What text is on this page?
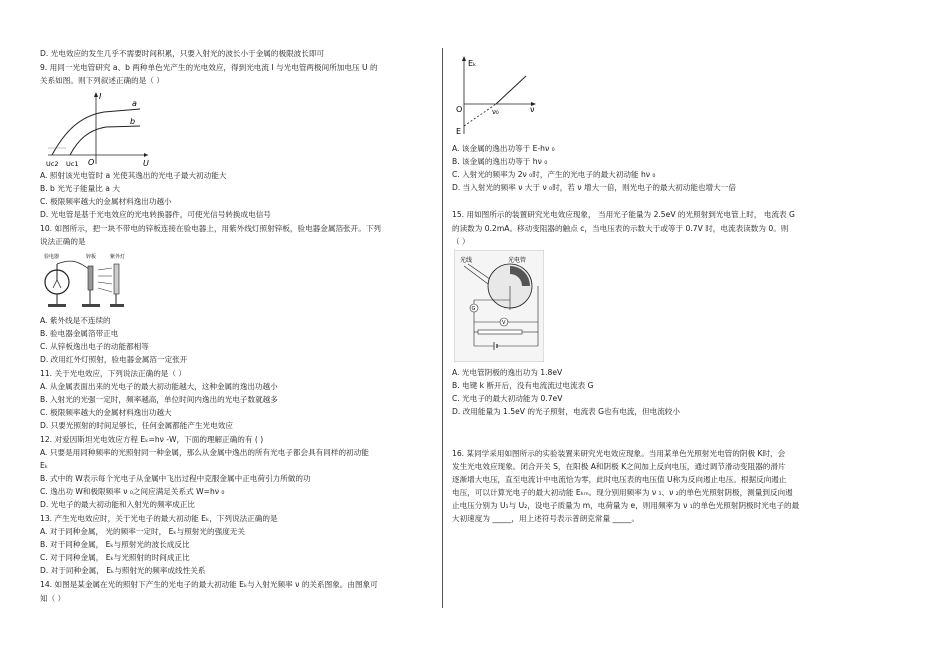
D. 光电效应的发生几乎不需要时间积累，只要入射光的波长小于金属的极限波长即可
9. 用同一光电管研究 a、b 两种单色光产生的光电效应，得到光电流 I 与光电管两极间所加电压 U 的
关系如图。则下列叙述正确的是（ ）
a
b
I
U
O
Uc2 Uc1
A. 照射该光电管时 a 光使其逸出的光电子最大初动能大
B. b 光光子能量比 a 大
C. 极限频率越大的金属材料逸出功越小
D. 光电管是基于光电效应的光电转换器件，可使光信号转换成电信号
10. 如图所示，把一块不带电的锌板连接在验电器上，用紫外线灯照射锌板，验电器金属箔张开。下列
说法正确的是
验电器	锌板	紫外灯
A. 紫外线是不连续的
B. 验电器金属箔带正电
C. 从锌板逸出电子的动能都相等
D. 改用红外灯照射，验电器金属箔一定张开
11. 关于光电效应，下列说法正确的是（ ）
A. 从金属表面出来的光电子的最大初动能越大，这种金属的逸出功越小
B. 入射光的光强一定时，频率越高，单位时间内逸出的光电子数就越多
C. 极限频率越大的金属材料逸出功越大
D. 只要光照射的时间足够长，任何金属都能产生光电效应
12. 对爱因斯坦光电效应方程 Eₖ=hν -W，下面的理解正确的有 ( )
A. 只要是用同种频率的光照射同一种金属，那么从金属中逸出的所有光电子都会具有同样的初动能
Eₖ
B. 式中的 W表示每个光电子从金属中飞出过程中克服金属中正电荷引力所做的功
C. 逸出功 W和极限频率 ν ₀之间应满足关系式 W=hν ₀
D. 光电子的最大初动能和入射光的频率成正比
13. 产生光电效应时，关于光电子的最大初动能 Eₖ，下列说法正确的是
A. 对于同种金属， 光的频率一定时， Eₖ与照射光的强度无关
B. 对于同种金属， Eₖ与照射光的波长成反比
C. 对于同种金属， Eₖ与光照射的时间成正比
D. 对于同种金属， Eₖ与照射光的频率成线性关系
14. 如图是某金属在光的照射下产生的光电子的最大初动能 Eₖ与入射光频率 ν 的关系图象。由图象可
知（ ）
Eₖ
O	ν₀	ν
E
A. 该金属的逸出功等于 E-hν ₀
B. 该金属的逸出功等于 hν ₀
C. 入射光的频率为 2ν ₀时，产生的光电子的最大初动能 hν ₀
D. 当入射光的频率 ν 大于 ν ₀时，若 ν 增大一倍，则光电子的最大初动能也增大一倍
15. 用如图所示的装置研究光电效应现象， 当用光子能量为 2.5eV 的光照射到光电管上时， 电流表 G
的读数为 0.2mA。移动变阻器的触点 c，当电压表的示数大于或等于 0.7V 时，电流表读数为 0。则
（ ）
光线	光电管
G
V
A. 光电管阴极的逸出功为 1.8eV
B. 电键 k 断开后，没有电流流过电流表 G
C. 光电子的最大初动能为 0.7eV
D. 改用能量为 1.5eV 的光子照射，电流表 G也有电流，但电流较小
16. 某同学采用如图所示的实验装置来研究光电效应现象。当用某单色光照射光电管的阴极 K时，会
发生光电效应现象。闭合开关 S，在阳极 A和阴极 K之间加上反向电压，通过调节滑动变阻器的滑片
逐渐增大电压，直至电流计中电流恰为零，此时电压表的电压值 U称为反向遏止电压。根据反向遏止
电压，可以计算光电子的最大初动能 Eₖₘ。现分别用频率为 ν ₁、ν ₂的单色光照射阴极，测量到反向遏
止电压分别为 U₁与 U₂，设电子质量为 m，电荷量为 e，则用频率为 ν ₁的单色光照射阴极时光电子的最
大初速度为 _____，用上述符号表示普朗克常量 _____。
